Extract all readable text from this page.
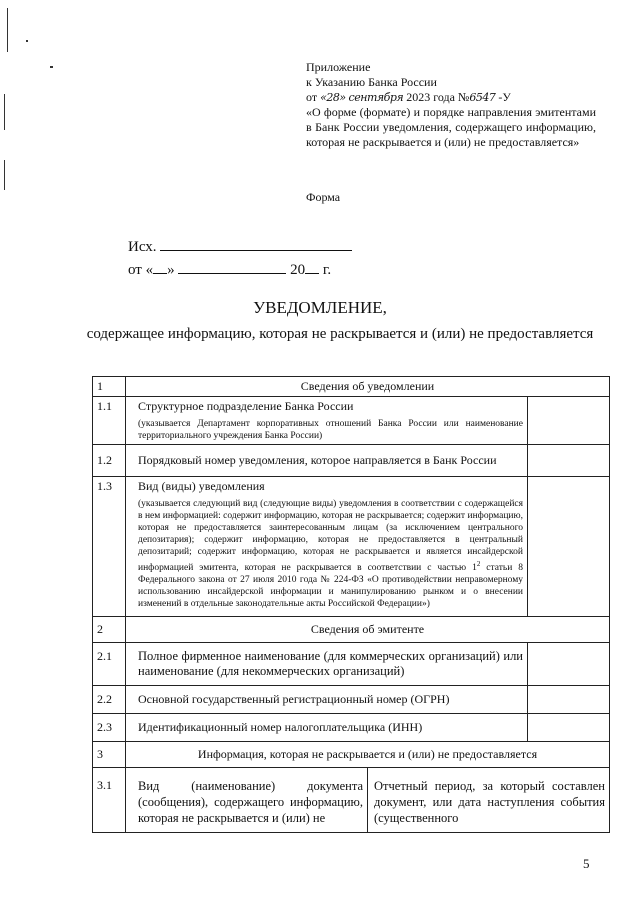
Приложение
к Указанию Банка России
от «28» сентября 2023 года №6547 -У
«О форме (формате) и порядке направления эмитентами в Банк России уведомления, содержащего информацию, которая не раскрывается и (или) не предоставляется»
Форма
Исх.
от « »	20 г.
УВЕДОМЛЕНИЕ,
содержащее информацию, которая не раскрывается и (или) не предоставляется
1	Сведения об уведомлении
1.1	Структурное подразделение Банка России
(указывается Департамент корпоративных отношений Банка России или наименование территориального учреждения Банка России)

1.2	Порядковый номер уведомления, которое направляется в Банк России	
1.3	Вид (виды) уведомления
(указывается следующий вид (следующие виды) уведомления в соответствии с содержащейся в нем информацией: содержит информацию, которая не раскрывается; содержит информацию, которая не предоставляется заинтересованным лицам (за исключением центрального депозитария); содержит информацию, которая не предоставляется в центральный депозитарий; содержит информацию, которая не раскрывается и является инсайдерской информацией эмитента, которая не раскрывается в соответствии с частью $1^2$ статьи 8 Федерального закона от 27 июля 2010 года № 224-ФЗ «О противодействии неправомерному использованию инсайдерской информации и манипулированию рынком и о внесении изменений в отдельные законодательные акты Российской Федерации»)

2	Сведения об эмитенте
2.1	Полное фирменное наименование (для коммерческих организаций) или наименование (для некоммерческих организаций)	
2.2	Основной государственный регистрационный номер (ОГРН)	
2.3	Идентификационный номер налогоплательщика (ИНН)	
3	Информация, которая не раскрывается и (или) не предоставляется
3.1	Вид (наименование) документа (сообщения), содержащего информацию, которая не раскрывается и (или) не	Отчетный период, за который составлен документ, или дата наступления события (существенного
5
